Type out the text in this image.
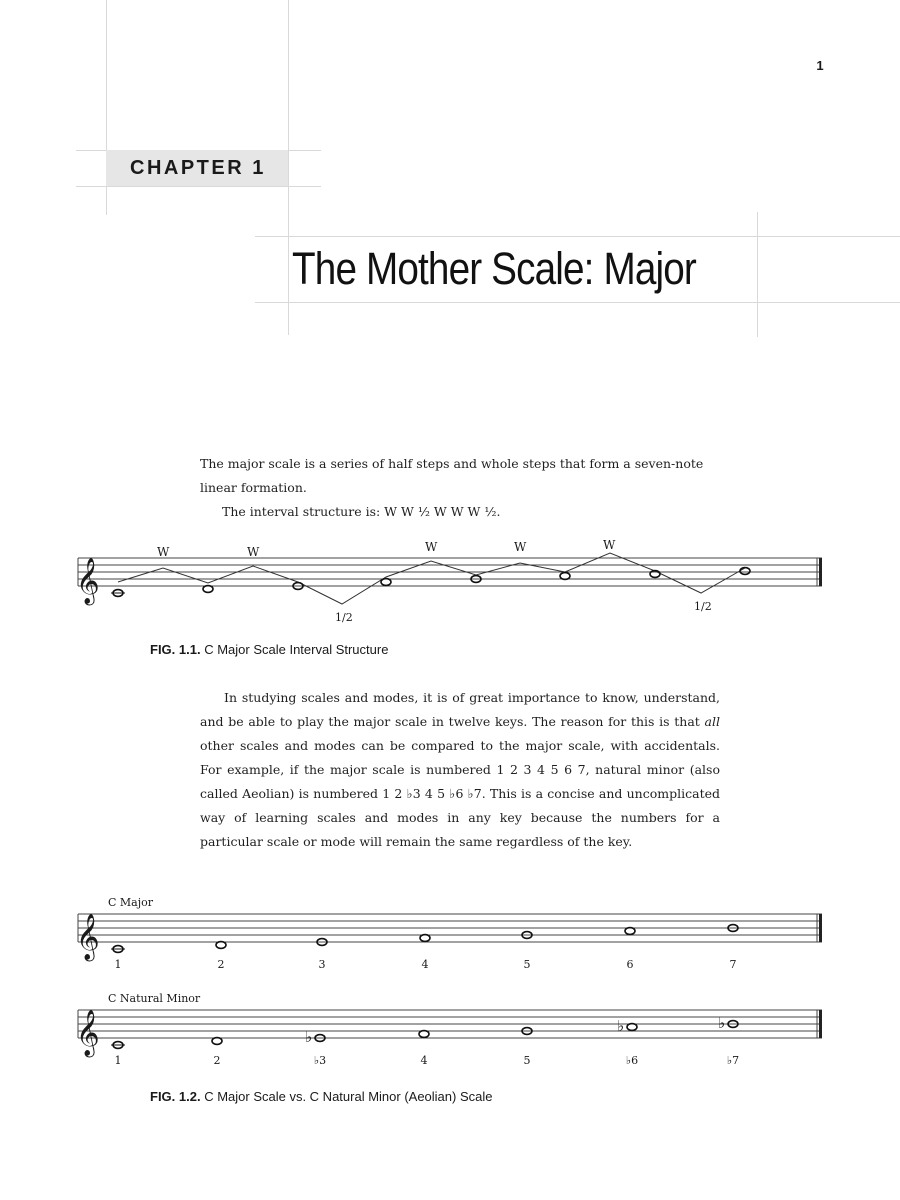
1
CHAPTER 1
The Mother Scale: Major

The major scale is a series of half steps and whole steps that form a seven-note linear formation.

The interval structure is: W W ½ W W W ½.

𝄞
W	W
1/2
W	W	W
1/2
C Major
𝄞
1	2	3	4	5	6	7
C Natural Minor
𝄞	♭
♭	♭
1	2	♭3	4	5	♭6	♭7
FIG. 1.1. C Major Scale Interval Structure

In studying scales and modes, it is of great importance to know, understand, and be able to play the major scale in twelve keys. The reason for this is that all other scales and modes can be compared to the major scale, with accidentals. For example, if the major scale is numbered 1 2 3 4 5 6 7, natural minor (also called Aeolian) is numbered 1 2 ♭3 4 5 ♭6 ♭7. This is a concise and uncomplicated way of learning scales and modes in any key because the numbers for a particular scale or mode will remain the same regardless of the key.

FIG. 1.2. C Major Scale vs. C Natural Minor (Aeolian) Scale
